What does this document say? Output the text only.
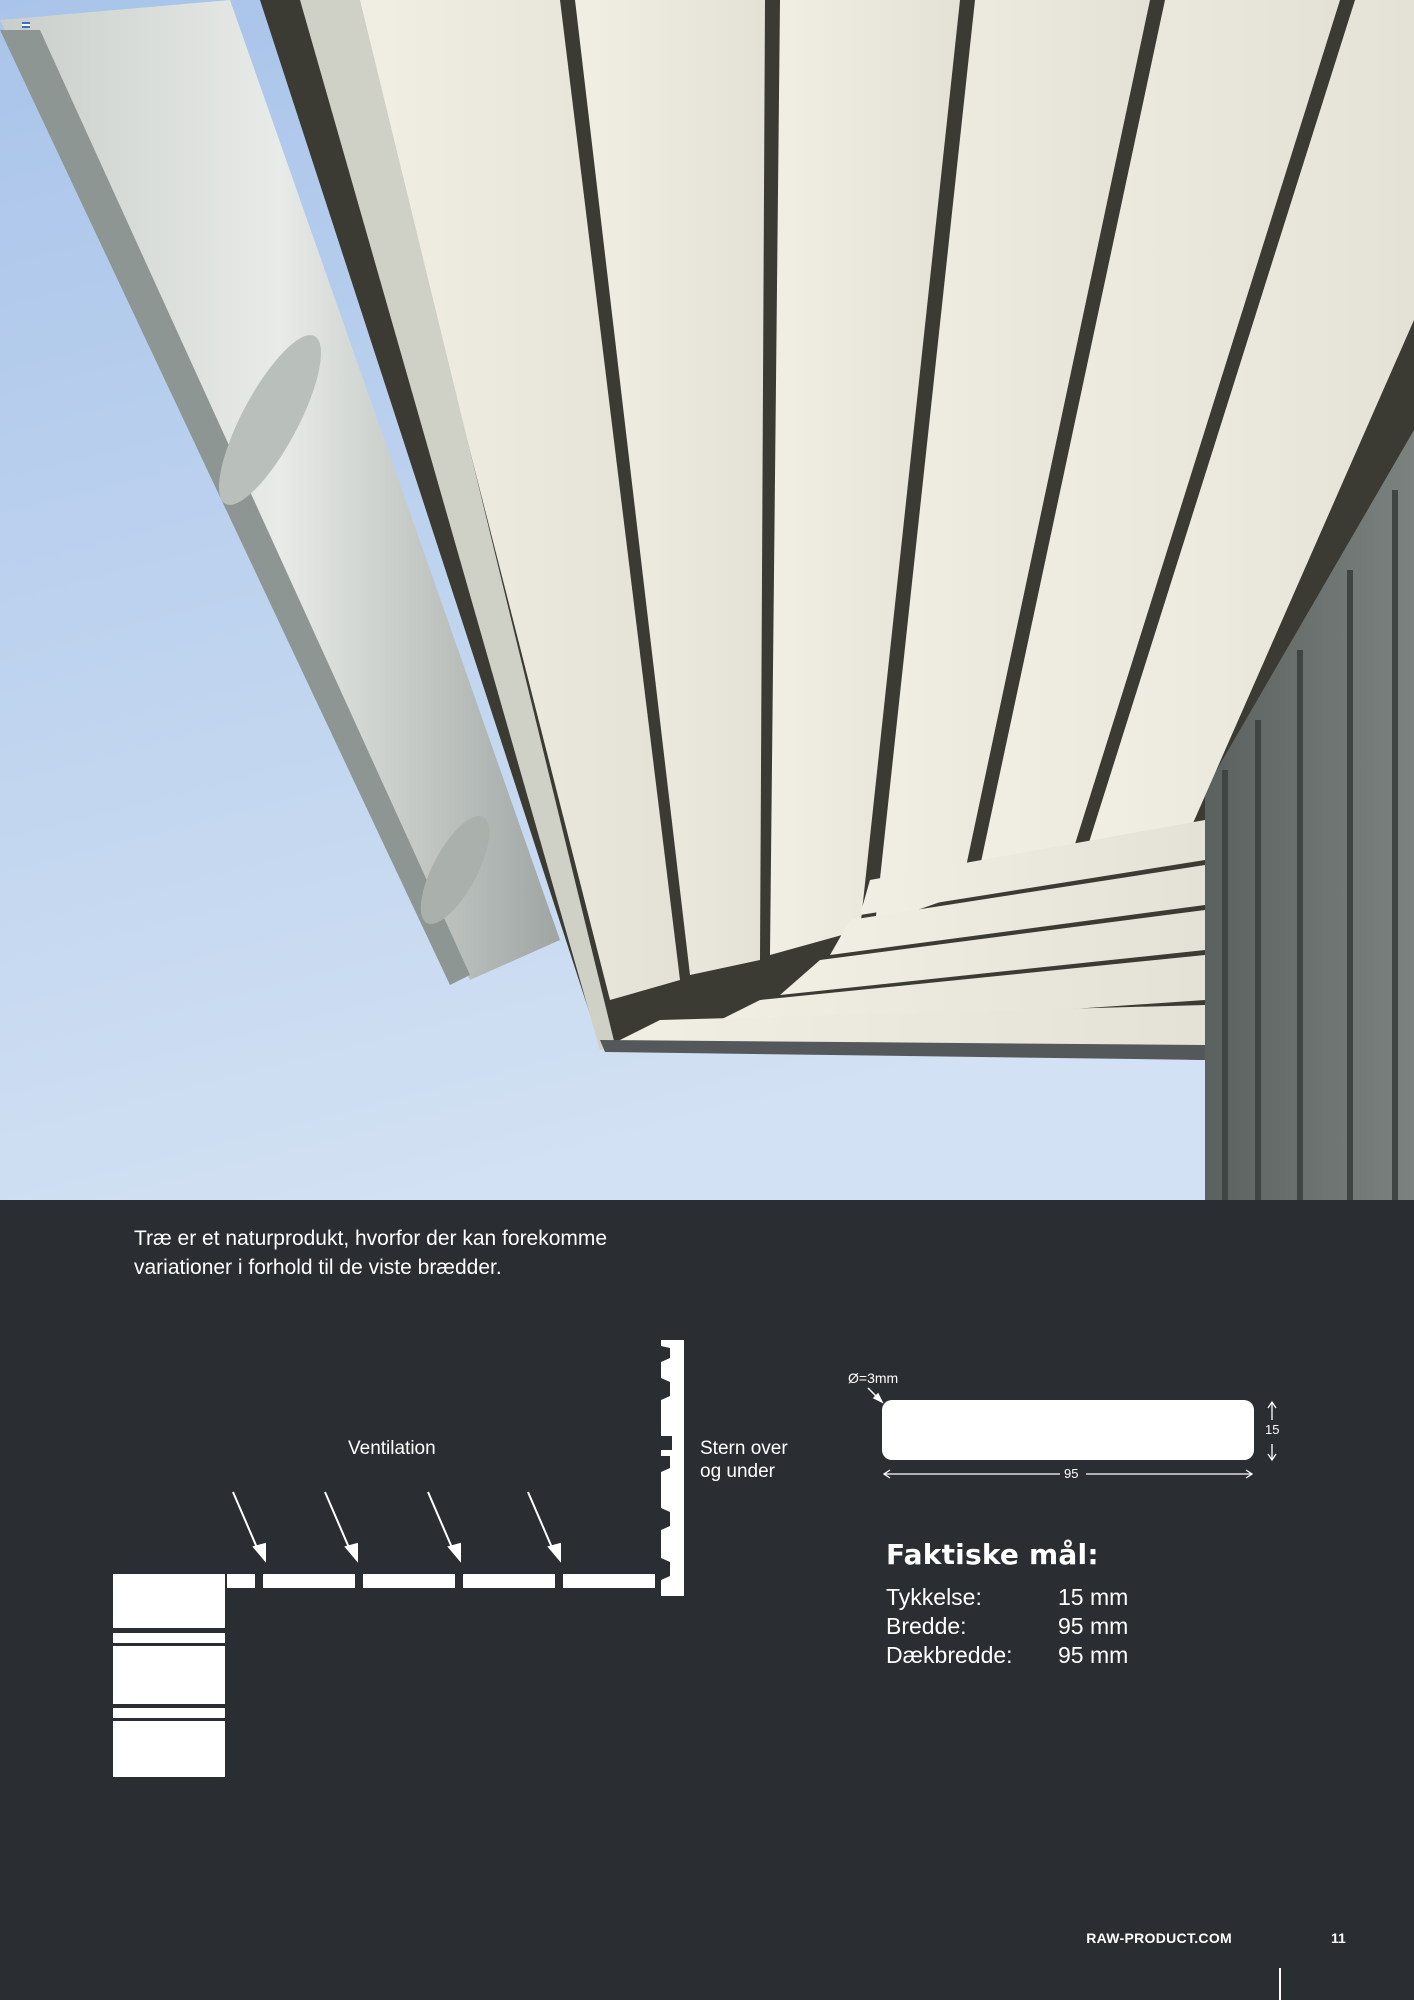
Træ er et naturprodukt, hvorfor der kan forekomme
variationer i forhold til de viste brædder.

Ventilation	Stern over
og under
Ø=3mm
15
95
Faktiske mål:
Tykkelse:	15 mm
Bredde:	95 mm
Dækbredde:	95 mm
RAW-PRODUCT.COM	11
